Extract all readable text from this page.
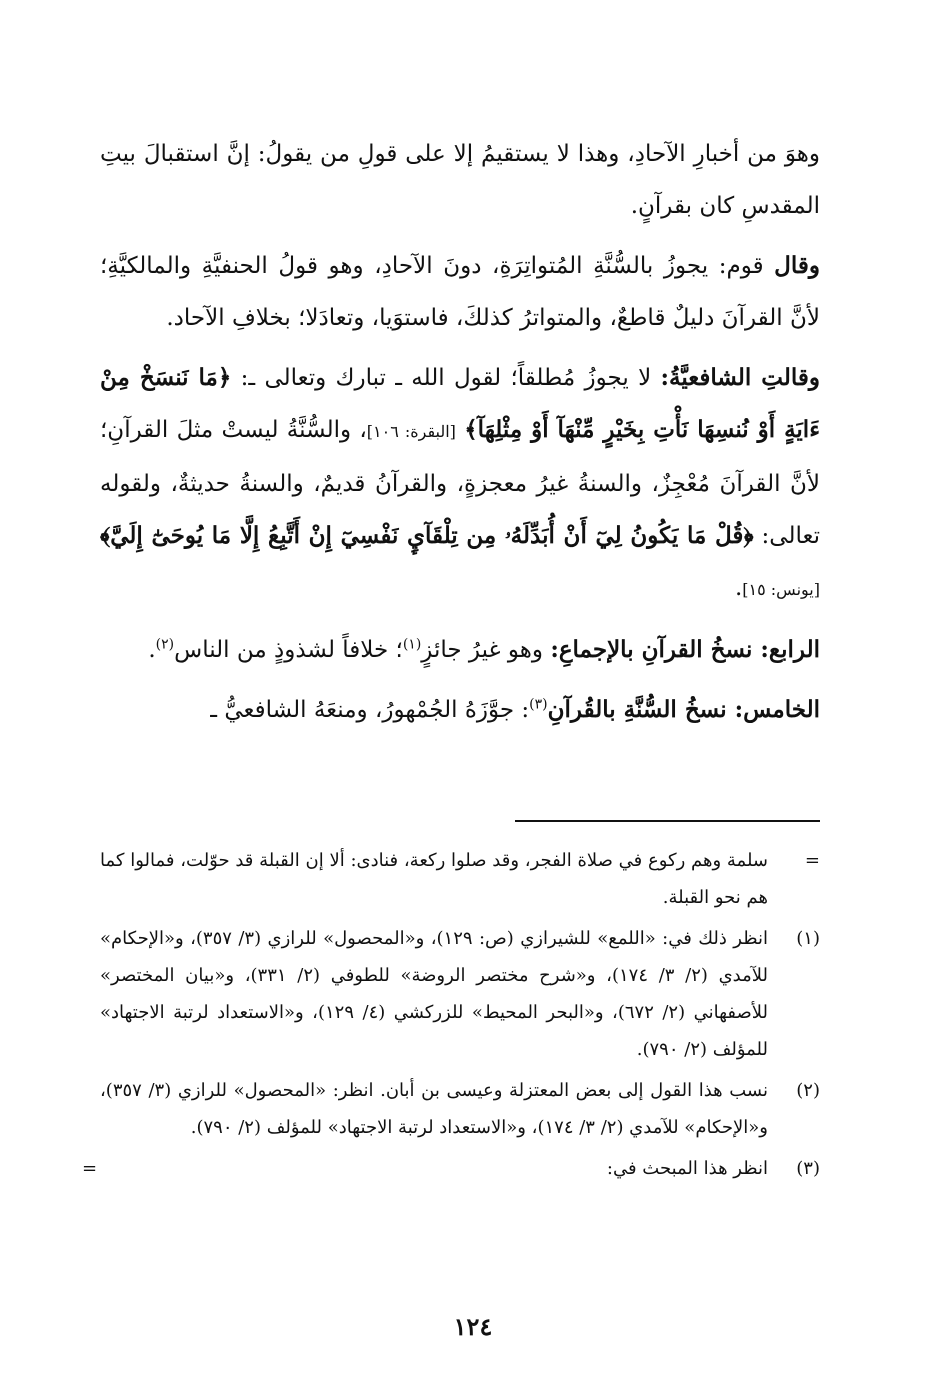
وهوَ من أخبارِ الآحادِ، وهذا لا يستقيمُ إلا على قولِ من يقولُ: إنَّ استقبالَ بيتِ المقدسِ كان بقرآنٍ.

وقال قوم: يجوزُ بالسُّنَّةِ المُتواتِرَةِ، دونَ الآحادِ، وهو قولُ الحنفيَّةِ والمالكيَّةِ؛ لأنَّ القرآنَ دليلٌ قاطعٌ، والمتواترُ كذلكَ، فاستوَيا، وتعادَلا؛ بخلافِ الآحاد.

وقالتِ الشافعيَّةُ: لا يجوزُ مُطلقاً؛ لقول الله ـ تبارك وتعالى ـ: ﴿مَا نَنسَخْ مِنْ ءَايَةٍ أَوْ نُنسِهَا نَأْتِ بِخَيْرٍ مِّنْهَآ أَوْ مِثْلِهَآ﴾ [البقرة: ١٠٦]، والسُّنَّةُ ليستْ مثلَ القرآنِ؛ لأنَّ القرآنَ مُعْجِزٌ، والسنةُ غيرُ معجزةٍ، والقرآنُ قديمٌ، والسنةُ حديثةٌ، ولقوله تعالى: ﴿قُلْ مَا يَكُونُ لِيٓ أَنْ أُبَدِّلَهُۥ مِن تِلْقَآيِٕ نَفْسِيٓ إِنْ أَتَّبِعُ إِلَّا مَا يُوحَىٰٓ إِلَيَّ﴾ [يونس: ١٥].

الرابع: نسخُ القرآنِ بالإجماعِ: وهو غيرُ جائزٍ$^{(١)}$؛ خلافاً لشذوذٍ من الناس$^{(٢)}$.

الخامس: نسخُ السُّنَّةِ بالقُرآنِ$^{(٣)}$: جوَّزَهُ الجُمْهورُ، ومنعَهُ الشافعيُّ ـ

=
سلمة وهم ركوع في صلاة الفجر، وقد صلوا ركعة، فنادى: ألا إن القبلة قد حوّلت، فمالوا كما هم نحو القبلة.
(١)
انظر ذلك في: «اللمع» للشيرازي (ص: ١٢٩)، و«المحصول» للرازي (٣/ ٣٥٧)، و«الإحكام» للآمدي (٢/ ٣/ ١٧٤)، و«شرح مختصر الروضة» للطوفي (٢/ ٣٣١)، و«بيان المختصر» للأصفهاني (٢/ ٦٧٢)، و«البحر المحيط» للزركشي (٤/ ١٢٩)، و«الاستعداد لرتبة الاجتهاد» للمؤلف (٢/ ٧٩٠).
(٢)
نسب هذا القول إلى بعض المعتزلة وعيسى بن أبان. انظر: «المحصول» للرازي (٣/ ٣٥٧)، و«الإحكام» للآمدي (٢/ ٣/ ١٧٤)، و«الاستعداد لرتبة الاجتهاد» للمؤلف (٢/ ٧٩٠).
(٣)
انظر هذا المبحث في:
=
١٢٤
